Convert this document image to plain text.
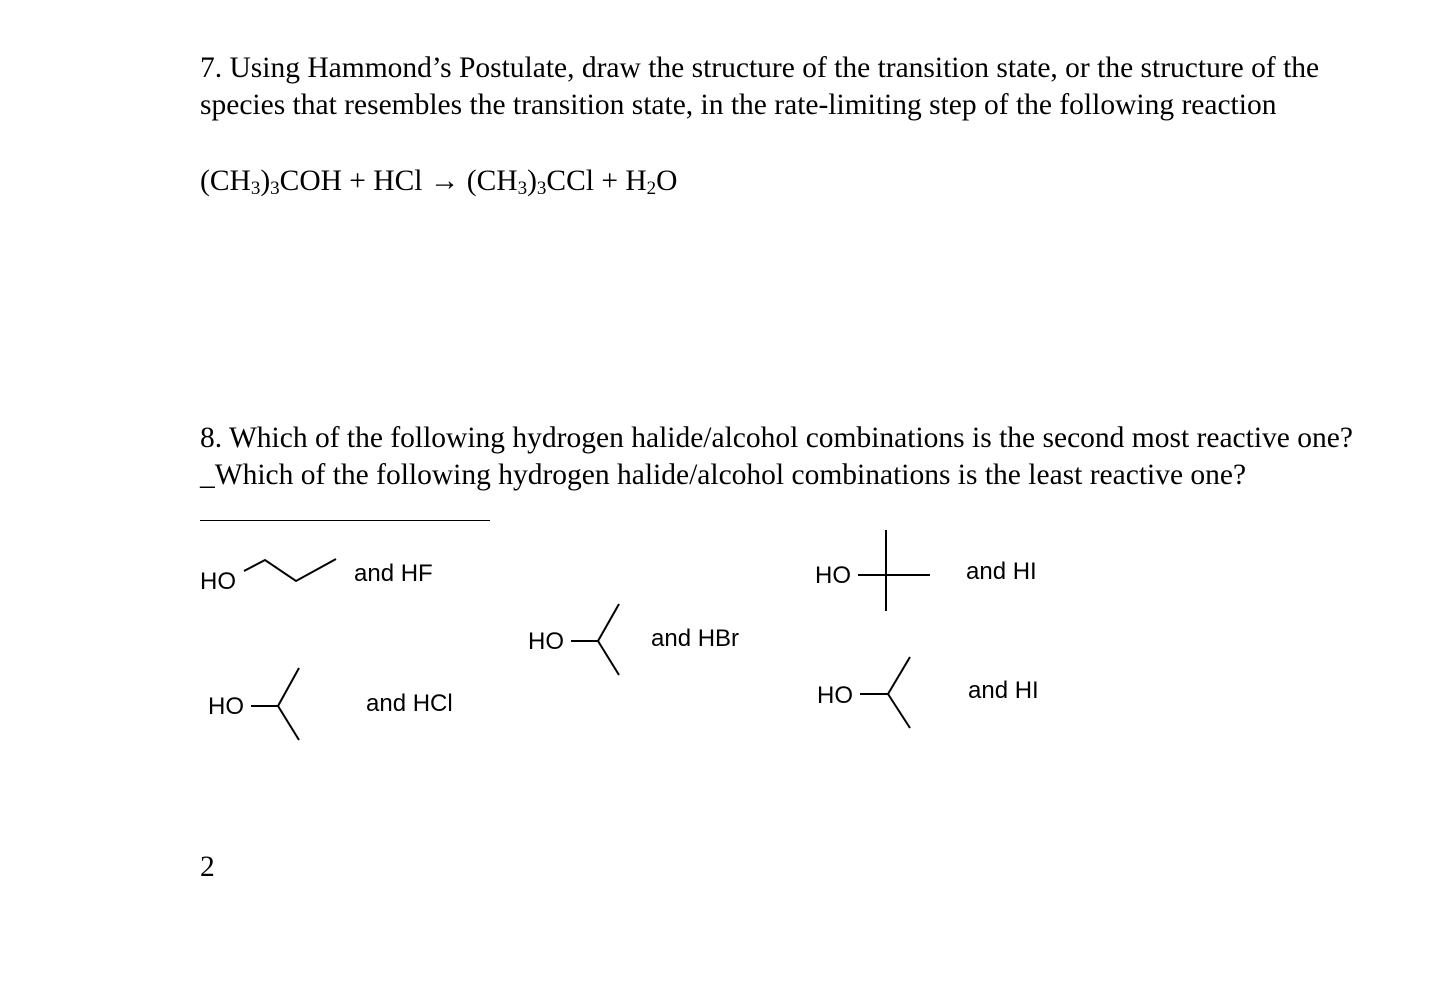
7. Using Hammond’s Postulate, draw the structure of the transition state, or the structure of the species that resembles the transition state, in the rate-limiting step of the following reaction
$(CH_3)_3COH$ + HCl → $(CH_3)_3CCl + H_2O$
8. Which of the following hydrogen halide/alcohol combinations is the second most reactive one?_Which of the following hydrogen halide/alcohol combinations is the least reactive one?
HO	and HF	HO	and HI
HO	and HBr
HO	and HCl	HO	and HI
2
